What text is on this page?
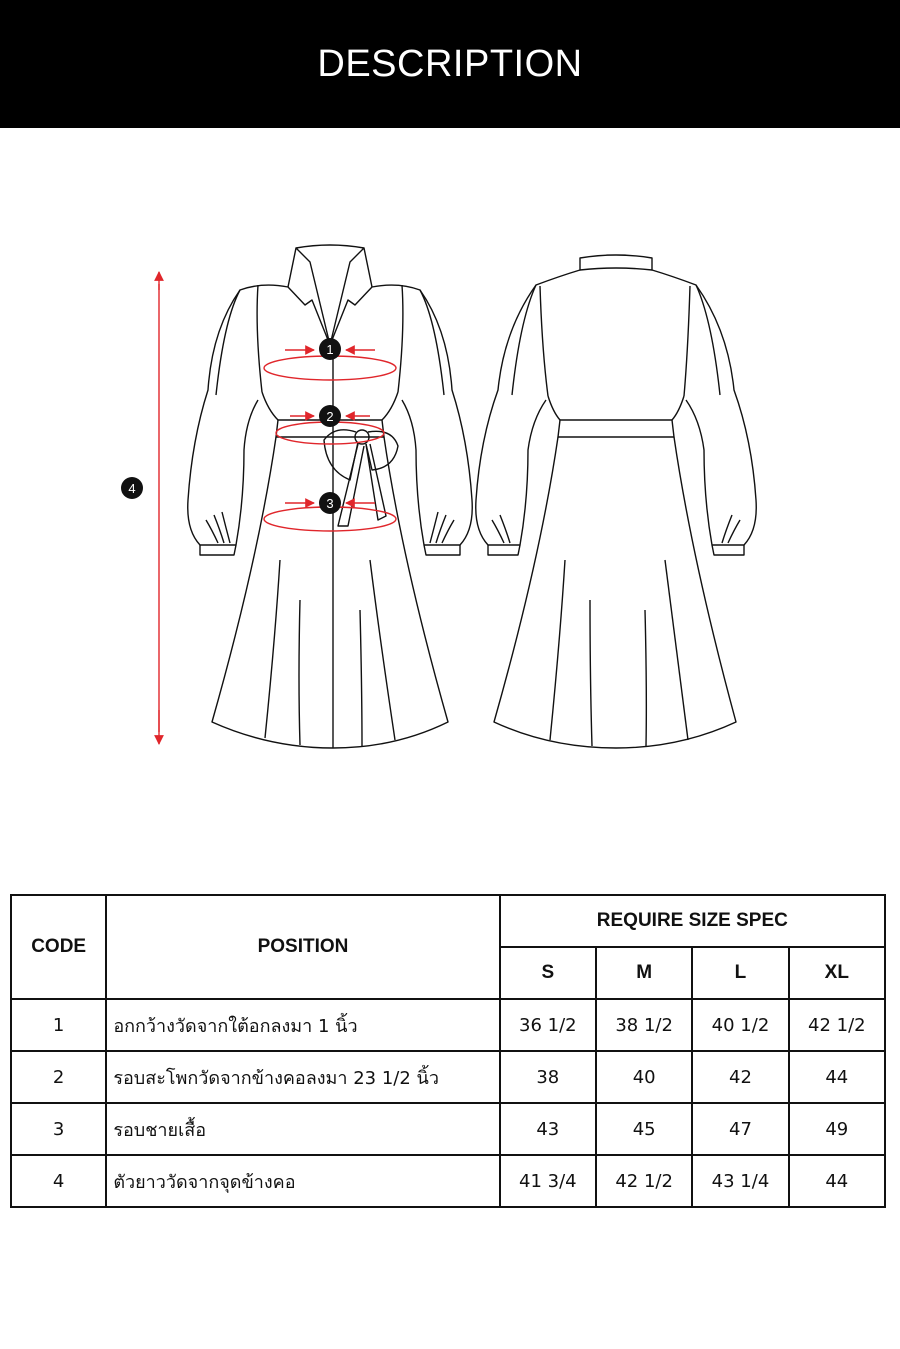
DESCRIPTION
1
2
3
4
CODE	POSITION	REQUIRE SIZE SPEC			
		S	M	L	XL
1	อกกว้างวัดจากใต้อกลงมา 1 นิ้ว	36 1/2	38 1/2	40 1/2	42 1/2
2	รอบสะโพกวัดจากข้างคอลงมา 23 1/2 นิ้ว	38	40	42	44
3	รอบชายเสื้อ	43	45	47	49
4	ตัวยาววัดจากจุดข้างคอ	41 3/4	42 1/2	43 1/4	44
